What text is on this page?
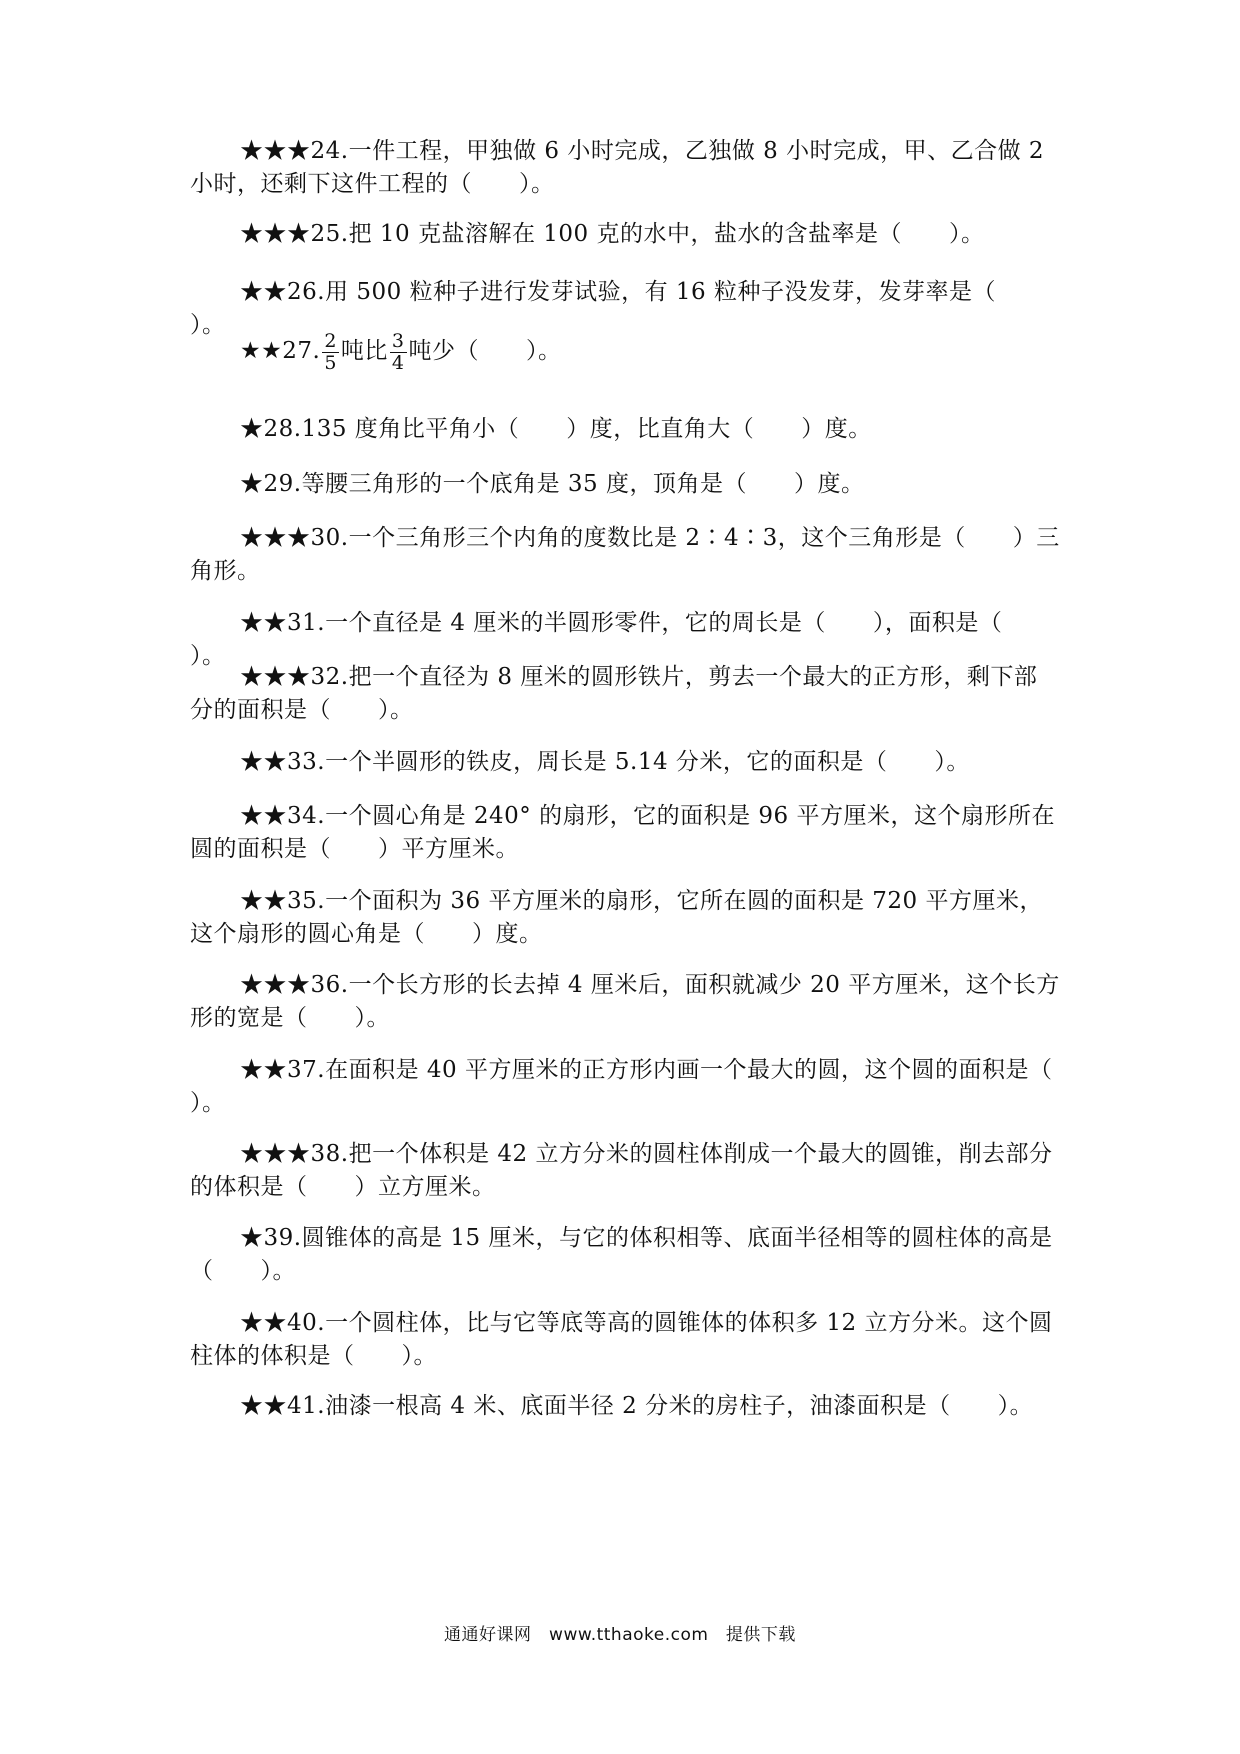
★★★24.一件工程，甲独做 6 小时完成，乙独做 8 小时完成，甲、乙合做 2 小时，还剩下这件工程的（　　）。

★★★25.把 10 克盐溶解在 100 克的水中，盐水的含盐率是（　　）。

★★26.用 500 粒种子进行发芽试验，有 16 粒种子没发芽，发芽率是（　　）。

★★27. $\frac{2}{5}$ 吨比 $\frac{3}{4}$ 吨少（　　）。

★28.135 度角比平角小（　　）度，比直角大（　　）度。

★29.等腰三角形的一个底角是 35 度，顶角是（　　）度。

★★★30.一个三角形三个内角的度数比是 2∶4∶3，这个三角形是（　　）三角形。

★★31.一个直径是 4 厘米的半圆形零件，它的周长是（　　），面积是（　　）。

★★★32.把一个直径为 8 厘米的圆形铁片，剪去一个最大的正方形，剩下部分的面积是（　　）。

★★33.一个半圆形的铁皮，周长是 5.14 分米，它的面积是（　　）。

★★34.一个圆心角是 240° 的扇形，它的面积是 96 平方厘米，这个扇形所在圆的面积是（　　）平方厘米。

★★35.一个面积为 36 平方厘米的扇形，它所在圆的面积是 720 平方厘米，这个扇形的圆心角是（　　）度。

★★★36.一个长方形的长去掉 4 厘米后，面积就减少 20 平方厘米，这个长方形的宽是（　　）。

★★37.在面积是 40 平方厘米的正方形内画一个最大的圆，这个圆的面积是（　　）。

★★★38.把一个体积是 42 立方分米的圆柱体削成一个最大的圆锥，削去部分的体积是（　　）立方厘米。

★39.圆锥体的高是 15 厘米，与它的体积相等、底面半径相等的圆柱体的高是（　　）。

★★40.一个圆柱体，比与它等底等高的圆锥体的体积多 12 立方分米。这个圆柱体的体积是（　　）。

★★41.油漆一根高 4 米、底面半径 2 分米的房柱子，油漆面积是（　　）。

通通好课网　www.tthaoke.com　提供下载
